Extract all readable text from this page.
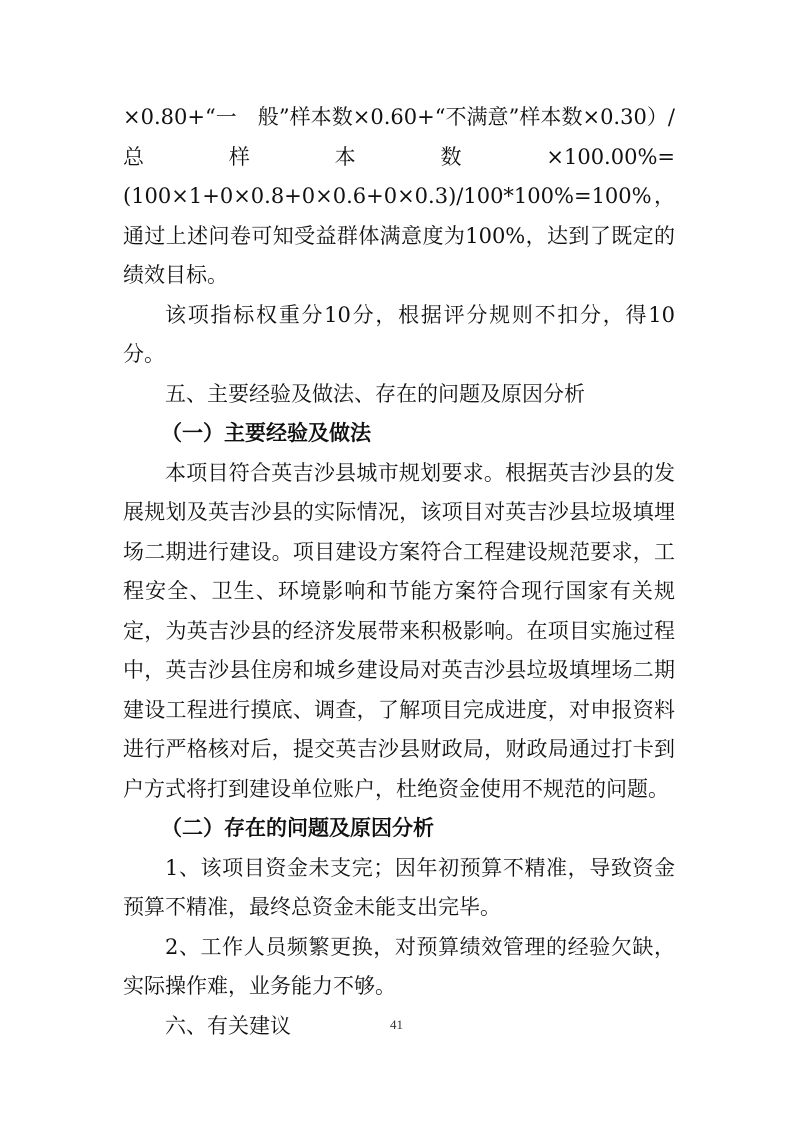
×0.80+“一　般”样本数×0.60+“不满意”样本数×0.30）/总样本数×100.00%=(100×1+0×0.8+0×0.6+0×0.3)/100*100%=100%，通过上述问卷可知受益群体满意度为100%，达到了既定的绩效目标。

该项指标权重分10分，根据评分规则不扣分，得10分。

五、主要经验及做法、存在的问题及原因分析
（一）主要经验及做法

本项目符合英吉沙县城市规划要求。根据英吉沙县的发展规划及英吉沙县的实际情况，该项目对英吉沙县垃圾填埋场二期进行建设。项目建设方案符合工程建设规范要求，工程安全、卫生、环境影响和节能方案符合现行国家有关规定，为英吉沙县的经济发展带来积极影响。在项目实施过程中，英吉沙县住房和城乡建设局对英吉沙县垃圾填埋场二期建设工程进行摸底、调查，了解项目完成进度，对申报资料进行严格核对后，提交英吉沙县财政局，财政局通过打卡到户方式将打到建设单位账户，杜绝资金使用不规范的问题。

（二）存在的问题及原因分析

1、该项目资金未支完；因年初预算不精准，导致资金预算不精准，最终总资金未能支出完毕。

2、工作人员频繁更换，对预算绩效管理的经验欠缺，实际操作难，业务能力不够。

六、有关建议	41
